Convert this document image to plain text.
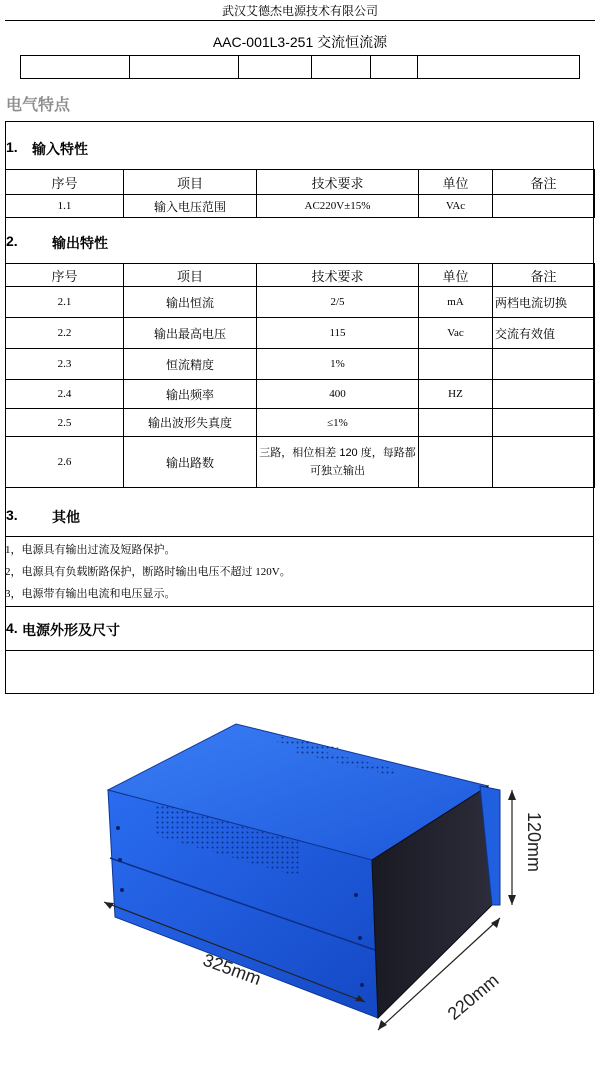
武汉艾德杰电源技术有限公司
AAC-001L3-251 交流恒流源

电气特点
1. 输入特性
序号	项目	技术要求	单位	备注
1.1	输入电压范围	AC220V±15%	VAc	
2. 输出特性
序号	项目	技术要求	单位	备注
2.1	输出恒流	2/5	mA	两档电流切换
2.2	输出最高电压	115	Vac	交流有效值
2.3	恒流精度	1%		
2.4	输出频率	400	HZ	
2.5	输出波形失真度	≤1%		
2.6	输出路数	三路，相位相差 120 度，每路都可独立输出		
3. 其他
1，电源具有输出过流及短路保护。
2，电源具有负载断路保护，断路时输出电压不超过 120V。
3，电源带有输出电流和电压显示。
4. 电源外形及尺寸
325mm
220mm
120mm
